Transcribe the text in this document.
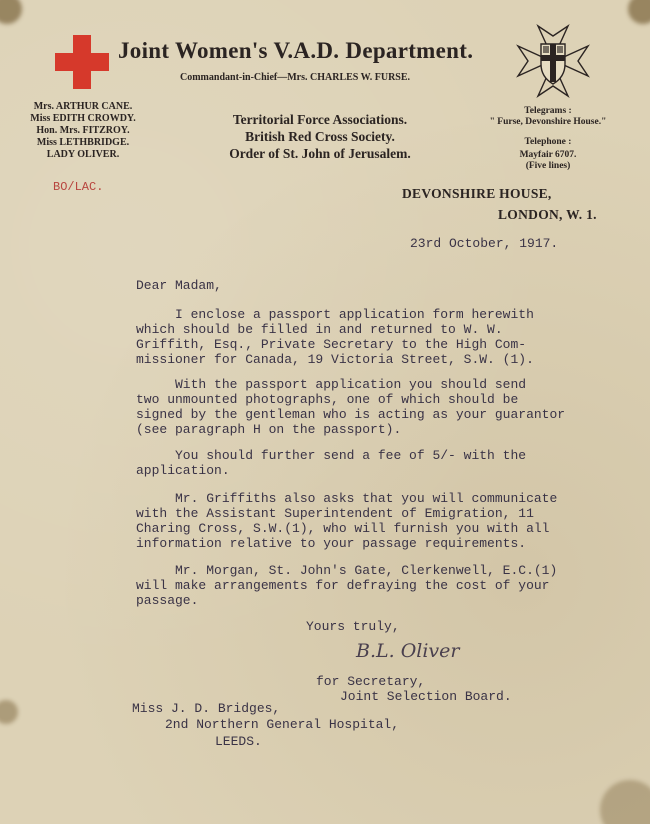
Joint Women's V.A.D. Department.
Commandant-in-Chief—Mrs. CHARLES W. FURSE.
Mrs. ARTHUR CANE.
Miss EDITH CROWDY.
Hon. Mrs. FITZROY.
Miss LETHBRIDGE.
LADY OLIVER.
Territorial Force Associations.
British Red Cross Society.
Order of St. John of Jerusalem.
Telegrams :
" Furse, Devonshire House."
Telephone :
Mayfair 6707.
(Five lines)
BO/LAC.	DEVONSHIRE HOUSE,
LONDON, W. 1.
23rd October, 1917.
Dear Madam,
I enclose a passport application form herewith
which should be filled in and returned to W. W.
Griffith, Esq., Private Secretary to the High Com-
missioner for Canada, 19 Victoria Street, S.W. (1).
With the passport application you should send
two unmounted photographs, one of which should be
signed by the gentleman who is acting as your guarantor
(see paragraph H on the passport).
You should further send a fee of 5/- with the
application.
Mr. Griffiths also asks that you will communicate
with the Assistant Superintendent of Emigration, 11
Charing Cross, S.W.(1), who will furnish you with all
information relative to your passage requirements.
Mr. Morgan, St. John's Gate, Clerkenwell, E.C.(1)
will make arrangements for defraying the cost of your
passage.
Yours truly,
B.L. Oliver
for Secretary,
Joint Selection Board.
Miss J. D. Bridges,
2nd Northern General Hospital,
LEEDS.
